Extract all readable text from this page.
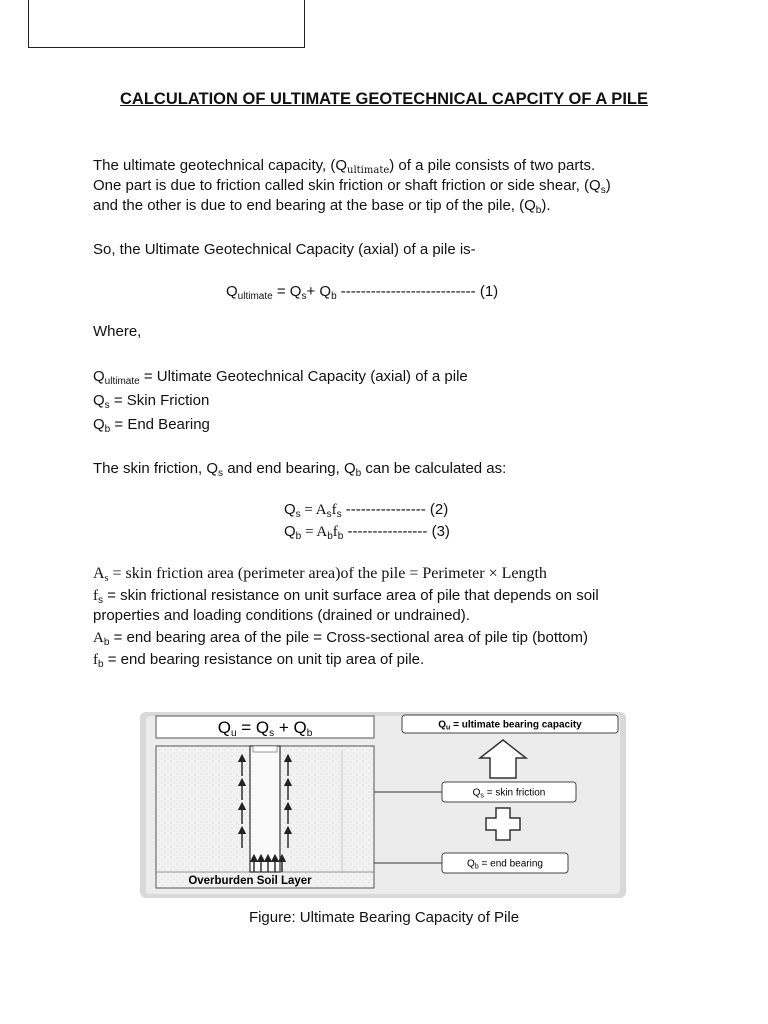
CALCULATION OF ULTIMATE GEOTECHNICAL CAPCITY OF A PILE
The ultimate geotechnical capacity, $(Q_{ultimate})$ of a pile consists of two parts.
One part is due to friction called skin friction or shaft friction or side shear, $(Q_s)$
and the other is due to end bearing at the base or tip of the pile, $(Q_b)$.
So, the Ultimate Geotechnical Capacity (axial) of a pile is-
$Q_{ultimate} = Q_s+ Q_b$ --------------------------- (1)
Where,
$Q_{ultimate}$ = Ultimate Geotechnical Capacity (axial) of a pile
$Q_s$ = Skin Friction
$Q_b$ = End Bearing
The skin friction, $Q_s$ and end bearing, $Q_b$ can be calculated as:
$Q_s = A_sf_s$ ---------------- (2)
$Q_b = A_bf_b$ ---------------- (3)
$A_s$ = skin friction area (perimeter area)of the pile = Perimeter × Length
$f_s$ = skin frictional resistance on unit surface area of pile that depends on soil
properties and loading conditions (drained or undrained).
$A_b$ = end bearing area of the pile = Cross-sectional area of pile tip (bottom)
$f_b$ = end bearing resistance on unit tip area of pile.
Qu = Qs + Qb
Overburden Soil Layer
$Q_u$ = ultimate bearing capacity
$Q_s$ = skin friction
$Q_b$ = end bearing
Figure: Ultimate Bearing Capacity of Pile
